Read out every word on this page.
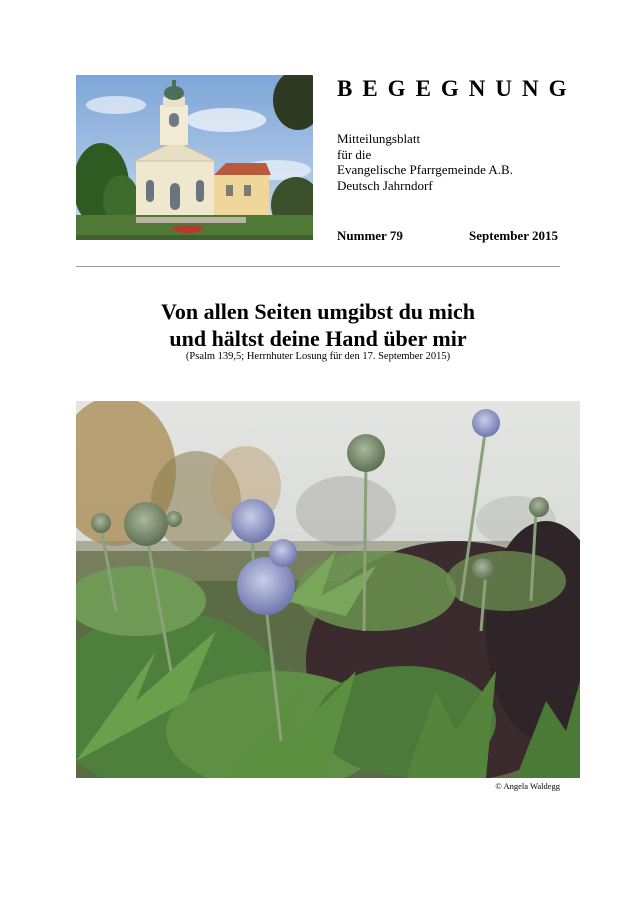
BEGEGNUNG
Mitteilungsblatt
für die
Evangelische Pfarrgemeinde A.B.
Deutsch Jahrndorf
Nummer 79	September 2015
Von allen Seiten umgibst du mich
und hältst deine Hand über mir
(Psalm 139,5; Herrnhuter Losung für den 17. September 2015)
© Angela Waldegg
